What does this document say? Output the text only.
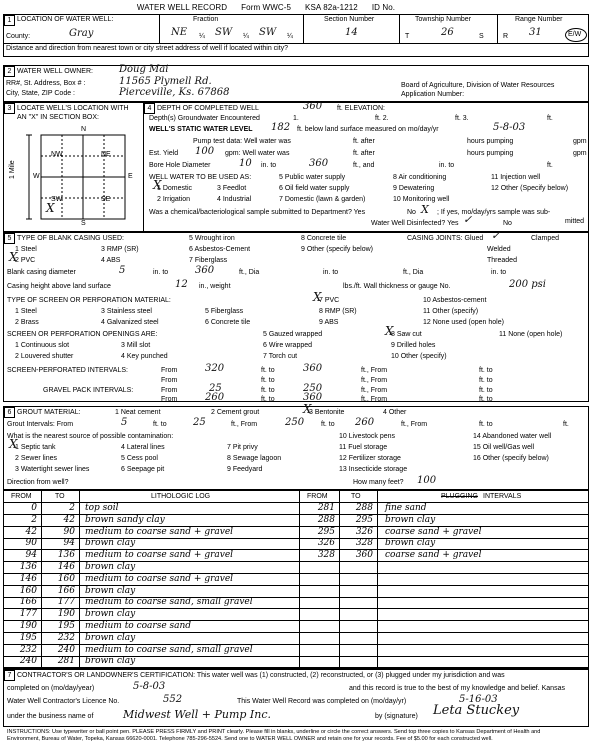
WATER WELL RECORD Form WWC-5 KSA 82a-1212 ID No.
1 LOCATION OF WATER WELL:	Fraction	Section Number	Township Number	Range Number
County:	Gray	NE ¼ SW ¼ SW ¼	14	T	26	S	R 31	E/W
Distance and direction from nearest town or city street address of well if located within city?
2 WATER WELL OWNER:	Doug Mai
RR#, St. Address, Box # :	11565 Plymell Rd.
City, State, ZIP Code :	Pierceville, Ks. 67868
Board of Agriculture, Division of Water Resources
Application Number:
3 LOCATE WELL'S LOCATION WITH
AN "X" IN SECTION BOX:
N
S
W	E
NW	NE
SW	SE
1 Mile
X
4 DEPTH OF COMPLETED WELL	360 ft. ELEVATION:
Depth(s) Groundwater Encountered	1.	ft. 2.	ft. 3.	ft.
WELL'S STATIC WATER LEVEL 182 ft. below land surface measured on mo/day/yr	5-8-03
Pump test data: Well water was	ft. after	hours pumping	gpm
Est. Yield 100 gpm: Well water was	ft. after	hours pumping	gpm
Bore Hole Diameter	10 in. to	360	ft., and	in. to	ft.
WELL WATER TO BE USED AS:
1 Domestic
X
2 Irrigation
3 Feedlot
4 Industrial
5 Public water supply
6 Oil field water supply
7 Domestic (lawn & garden)
8 Air conditioning
9 Dewatering
10 Monitoring well
11 Injection well
12 Other (Specify below)
Was a chemical/bacteriological sample submitted to Department? Yes	No X ; If yes, mo/day/yrs sample was sub-
mitted
Water Well Disinfected? Yes ✓	No
5 TYPE OF BLANK CASING USED:
1 Steel
2 PVC
X
3 RMP (SR)
4 ABS
5 Wrought iron
6 Asbestos-Cement
7 Fiberglass
8 Concrete tile
9 Other (specify below)
CASING JOINTS: Glued ✓	Clamped
Welded
Threaded
Blank casing diameter	5	in. to	360	ft., Dia	in. to	ft., Dia	in. to
Casing height above land surface	12 in., weight	lbs./ft. Wall thickness or gauge No.	200 psi
TYPE OF SCREEN OR PERFORATION MATERIAL:
1 Steel
2 Brass
3 Stainless steel
4 Galvanized steel
5 Fiberglass
6 Concrete tile
7 PVC
X
8 RMP (SR)
9 ABS
10 Asbestos-cement
11 Other (specify)
12 None used (open hole)
SCREEN OR PERFORATION OPENINGS ARE:
1 Continuous slot
2 Louvered shutter
3 Mill slot
4 Key punched
5 Gauzed wrapped
6 Wire wrapped
7 Torch cut
8 Saw cut
X
9 Drilled holes
10 Other (specify)
11 None (open hole)
SCREEN-PERFORATED INTERVALS:	From	320	ft. to	360	ft., From	ft. to
From	ft. to	ft., From	ft. to
GRAVEL PACK INTERVALS:	From	25	ft. to	250	ft., From	ft. to
From	260	ft. to	360	ft., From	ft. to
6 GROUT MATERIAL:	1 Neat cement	2 Cement grout	3 Bentonite
X	4 Other
Grout Intervals: From	5	ft. to	25	ft., From	250 ft. to 260	ft., From	ft. to	ft.
What is the nearest source of possible contamination:
1 Septic tank
X
2 Sewer lines
3 Watertight sewer lines
4 Lateral lines
5 Cess pool
6 Seepage pit
7 Pit privy
8 Sewage lagoon
9 Feedyard
10 Livestock pens
11 Fuel storage
12 Fertilizer storage
13 Insecticide storage
14 Abandoned water well
15 Oil well/Gas well
16 Other (specify below)
Direction from well?	How many feet? 100
FROM	TO	LITHOLOGIC LOG	FROM	TO	PLUGGING INTERVALS
0	2 top soil
2	42 brown sandy clay
42	90 medium to coarse sand + gravel
90	94 brown clay
94	136 medium to coarse sand + gravel
136	146 brown clay
146	160 medium to coarse sand + gravel
160	166 brown clay
166	177 medium to coarse sand, small gravel
177	190 brown clay
190	195 medium to coarse sand
195	232 brown clay
232	240 medium to coarse sand, small gravel
240	281 brown clay
281	288 fine sand
288	295 brown clay
295	326 coarse sand + gravel
326	328 brown clay
328	360 coarse sand + gravel
7 CONTRACTOR'S OR LANDOWNER'S CERTIFICATION: This water well was (1) constructed, (2) reconstructed, or (3) plugged under my jurisdiction and was
completed on (mo/day/year)	5-8-03	and this record is true to the best of my knowledge and belief. Kansas
Water Well Contractor's Licence No.	552	This Water Well Record was completed on (mo/day/yr)	5-16-03
under the business name of	Midwest Well + Pump Inc.	by (signature) Leta Stuckey
INSTRUCTIONS: Use typewriter or ball point pen. PLEASE PRESS FIRMLY and PRINT clearly. Please fill in blanks, underline or circle the correct answers. Send top three copies to Kansas Department of Health and
Environment, Bureau of Water, Topeka, Kansas 66620-0001. Telephone 785-296-5524. Send one to WATER WELL OWNER and retain one for your records. Fee of $5.00 for each constructed well.
